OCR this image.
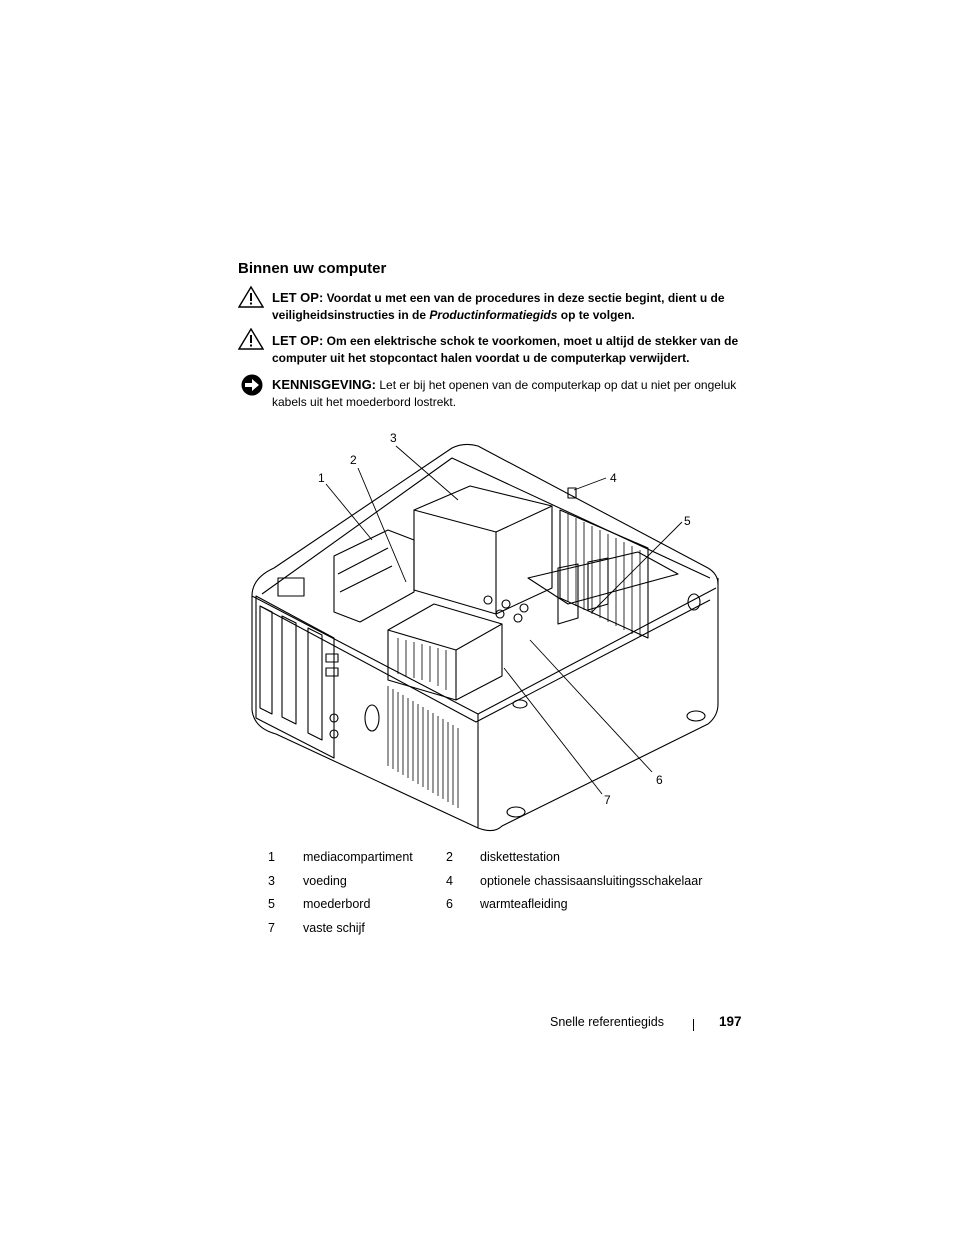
Binnen uw computer
LET OP: Voordat u met een van de procedures in deze sectie begint, dient u de veiligheidsinstructies in de Productinformatiegids op te volgen.
LET OP: Om een elektrische schok te voorkomen, moet u altijd de stekker van de computer uit het stopcontact halen voordat u de computerkap verwijdert.
KENNISGEVING: Let er bij het openen van de computerkap op dat u niet per ongeluk kabels uit het moederbord lostrekt.
1
2
3
4
5
6
7
1 mediacompartiment	2 diskettestation
3 voeding	4 optionele chassisaansluitingsschakelaar
5 moederbord	6 warmteafleiding
7 vaste schijf
Snelle referentiegids	197
